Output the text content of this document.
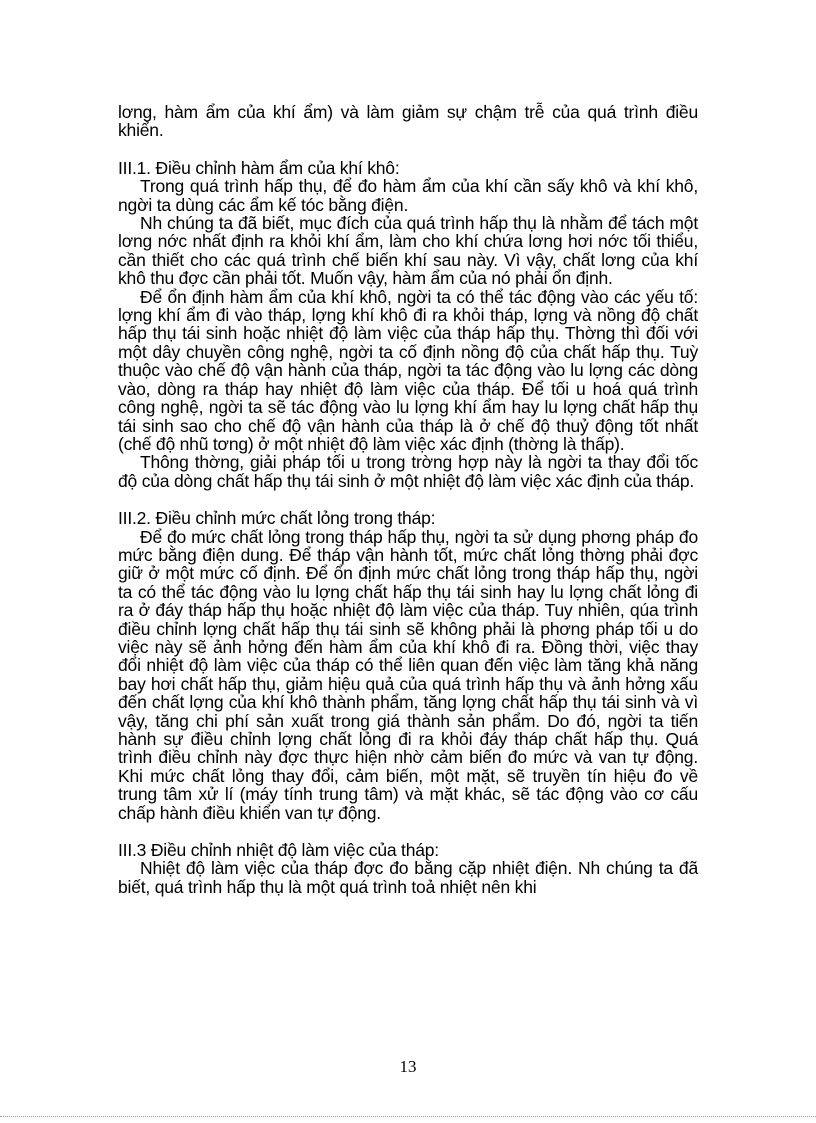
lơng, hàm ẩm của khí ẩm) và làm giảm sự chậm trễ của quá trình điều khiển.

III.1. Điều chỉnh hàm ẩm của khí khô:

Trong quá trình hấp thụ, để đo hàm ẩm của khí cần sấy khô và khí khô, ngời ta dùng các ẩm kế tóc bằng điện.

Nh chúng ta đã biết, mục đích của quá trình hấp thụ là nhằm để tách một lơng nớc nhất định ra khỏi khí ẩm, làm cho khí chứa lơng hơi nớc tối thiểu, cần thiết cho các quá trình chế biến khí sau này. Vì vậy, chất lơng của khí khô thu đợc cần phải tốt. Muốn vậy, hàm ẩm của nó phải ổn định.

Để ổn định hàm ẩm của khí khô, ngời ta có thể tác động vào các yếu tố: lợng khí ẩm đi vào tháp, lợng khí khô đi ra khỏi tháp, lợng và nồng độ chất hấp thụ tái sinh hoặc nhiệt độ làm việc của tháp hấp thụ. Thờng thì đối với một dây chuyền công nghệ, ngời ta cố định nồng độ của chất hấp thụ. Tuỳ thuộc vào chế độ vận hành của tháp, ngời ta tác động vào lu lợng các dòng vào, dòng ra tháp hay nhiệt độ làm việc của tháp. Để tối u hoá quá trình công nghệ, ngời ta sẽ tác động vào lu lợng khí ẩm hay lu lợng chất hấp thụ tái sinh sao cho chế độ vận hành của tháp là ở chế độ thuỷ động tốt nhất (chế độ nhũ tơng) ở một nhiệt độ làm việc xác định (thờng là thấp).

Thông thờng, giải pháp tối u trong trờng hợp này là ngời ta thay đổi tốc độ của dòng chất hấp thụ tái sinh ở một nhiệt độ làm việc xác định của tháp.

III.2. Điều chỉnh mức chất lỏng trong tháp:

Để đo mức chất lỏng trong tháp hấp thụ, ngời ta sử dụng phơng pháp đo mức bằng điện dung. Để tháp vận hành tốt, mức chất lỏng thờng phải đợc giữ ở một mức cố định. Để ổn định mức chất lỏng trong tháp hấp thụ, ngời ta có thể tác động vào lu lợng chất hấp thụ tái sinh hay lu lợng chất lỏng đi ra ở đáy tháp hấp thụ hoặc nhiệt độ làm việc của tháp. Tuy nhiên, qúa trình điều chỉnh lợng chất hấp thụ tái sinh sẽ không phải là phơng pháp tối u do việc này sẽ ảnh hởng đến hàm ẩm của khí khô đi ra. Đồng thời, việc thay đổi nhiệt độ làm việc của tháp có thể liên quan đến việc làm tăng khả năng bay hơi chất hấp thụ, giảm hiệu quả của quá trình hấp thụ và ảnh hởng xấu đến chất lợng của khí khô thành phẩm, tăng lợng chất hấp thụ tái sinh và vì vậy, tăng chi phí sản xuất trong giá thành sản phẩm. Do đó, ngời ta tiến hành sự điều chỉnh lợng chất lỏng đi ra khỏi đáy tháp chất hấp thụ. Quá trình điều chỉnh này đợc thực hiện nhờ cảm biến đo mức và van tự động. Khi mức chất lỏng thay đổi, cảm biến, một mặt, sẽ truyền tín hiệu đo về trung tâm xử lí (máy tính trung tâm) và mặt khác, sẽ tác động vào cơ cấu chấp hành điều khiển van tự động.

III.3 Điều chỉnh nhiệt độ làm việc của tháp:

Nhiệt độ làm việc của tháp đợc đo bằng cặp nhiệt điện. Nh chúng ta đã biết, quá trình hấp thụ là một quá trình toả nhiệt nên khi

13
